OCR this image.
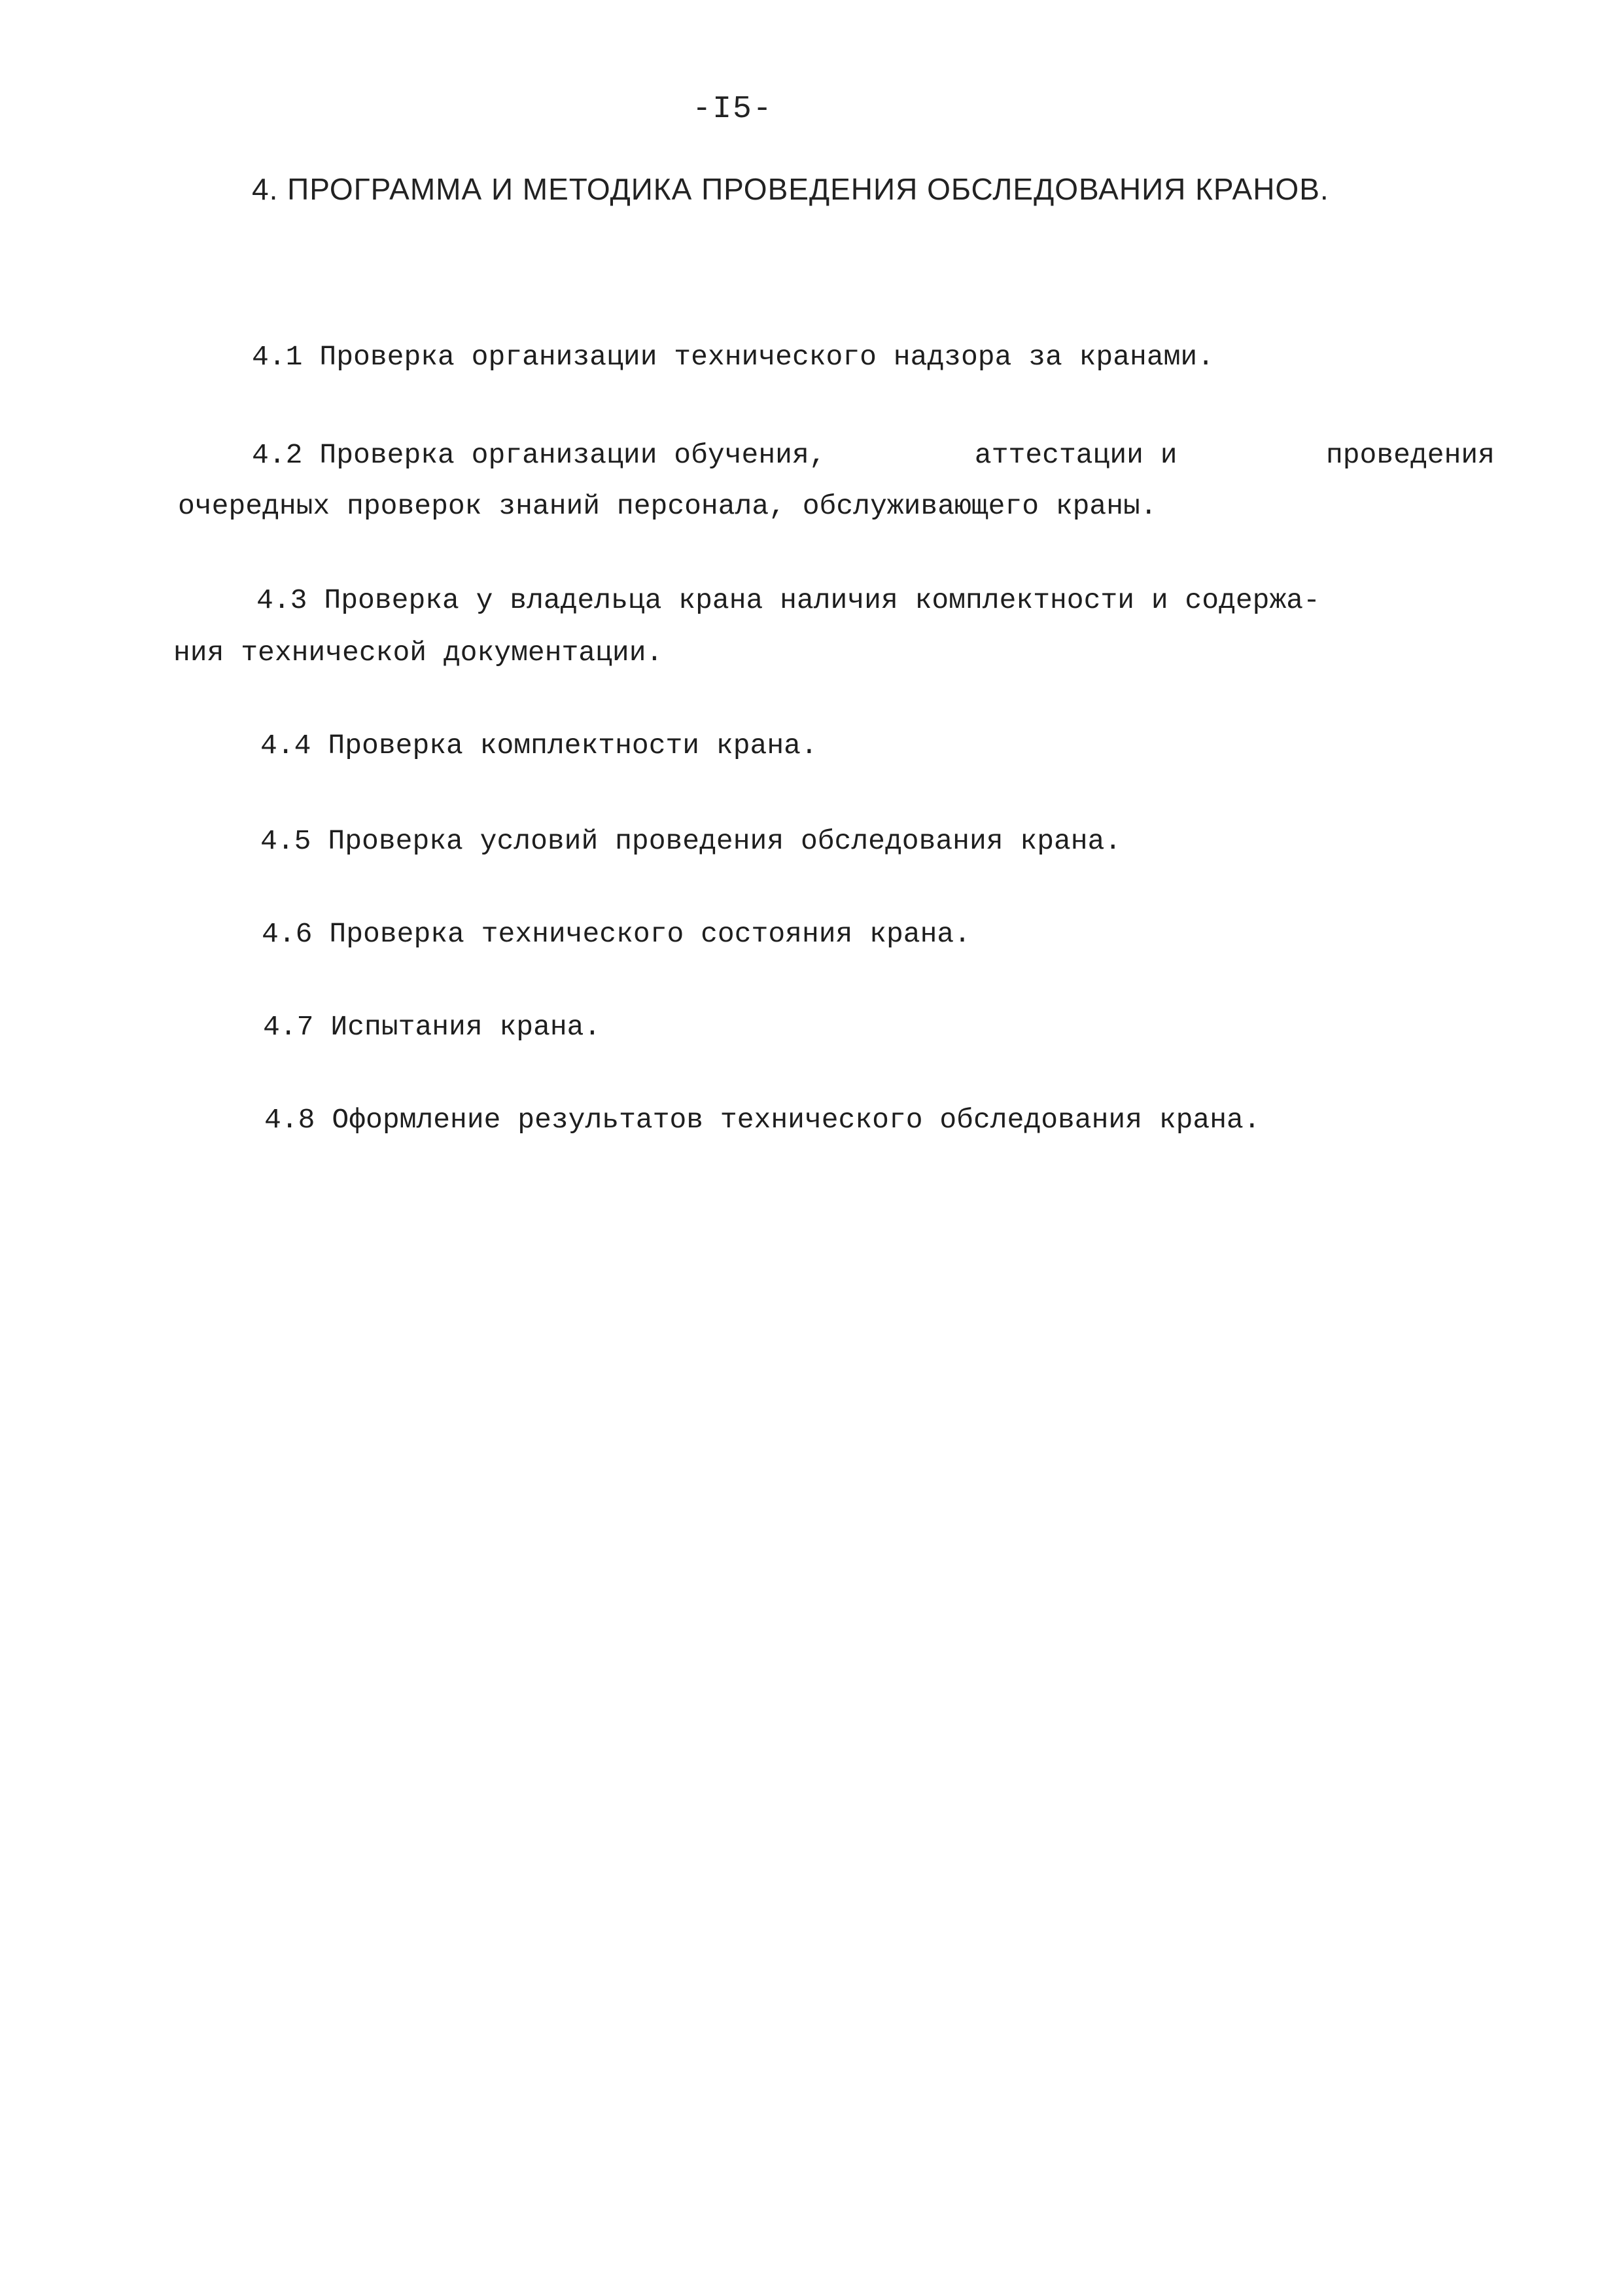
-I5-
4. ПРОГРАММА И МЕТОДИКА ПРОВЕДЕНИЯ ОБСЛЕДОВАНИЯ КРАНОВ.
4.1 Проверка организации технического надзора за кранами.
4.2 Проверка организации обучения,	аттестации и	проведения
очередных проверок знаний персонала, обслуживающего краны.
4.3 Проверка у владельца крана наличия комплектности и содержа-
ния технической документации.
4.4 Проверка комплектности крана.
4.5 Проверка условий проведения обследования крана.
4.6 Проверка технического состояния крана.
4.7 Испытания крана.
4.8 Оформление результатов технического обследования крана.
